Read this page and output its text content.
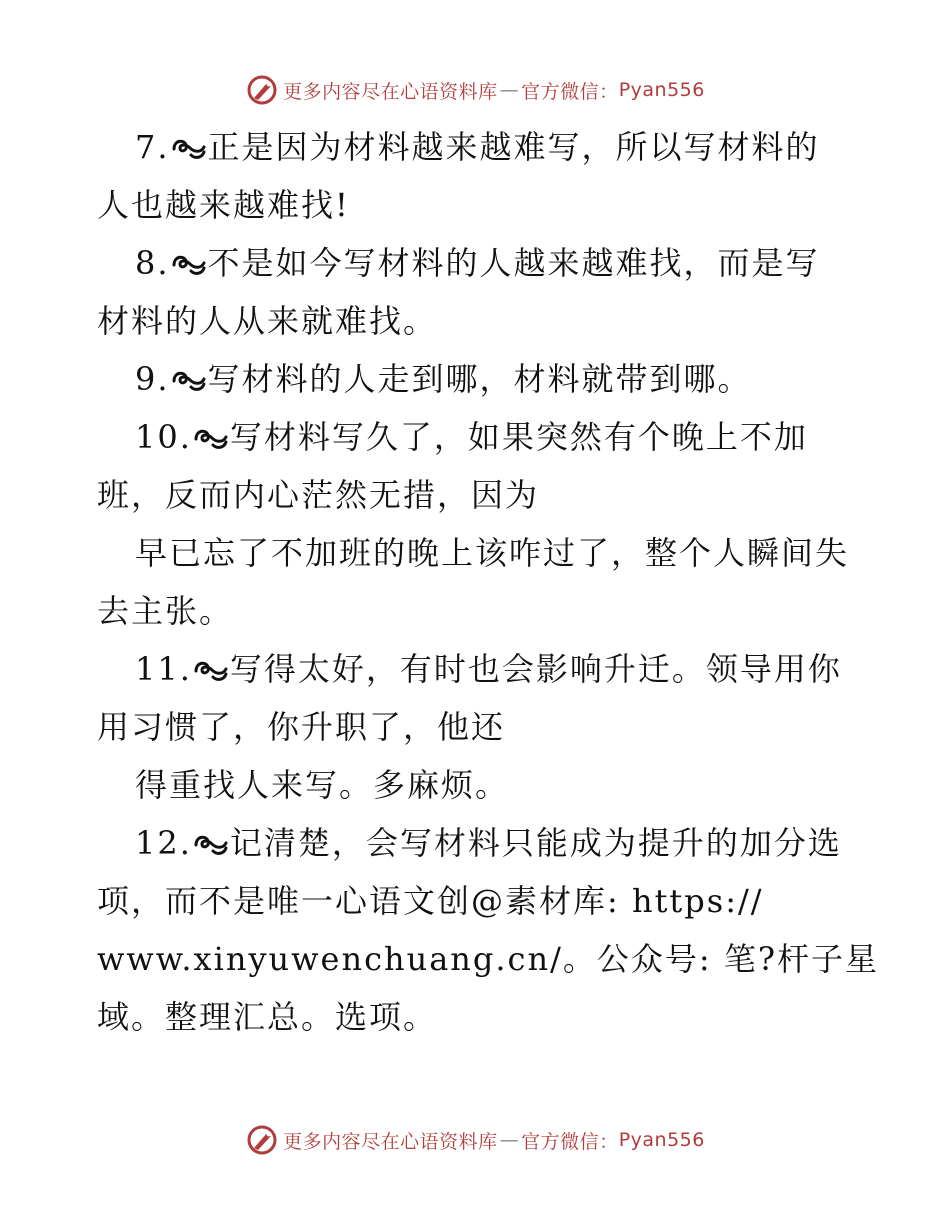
更多内容尽在心语资料库 — 官方微信： Pyan556
7. 正是因为材料越来越难写，所以写材料的
人也越来越难找!
8. 不是如今写材料的人越来越难找，而是写
材料的人从来就难找。
9. 写材料的人走到哪，材料就带到哪。
10. 写材料写久了，如果突然有个晚上不加
班，反而内心茫然无措，因为
早已忘了不加班的晚上该咋过了，整个人瞬间失
去主张。
11. 写得太好，有时也会影响升迁。领导用你
用习惯了，你升职了，他还
得重找人来写。多麻烦。
12. 记清楚，会写材料只能成为提升的加分选
项，而不是唯一心语文创@素材库: https://
www.xinyuwenchuang.cn/。公众号: 笔?杆子星
域。整理汇总。选项。
更多内容尽在心语资料库 — 官方微信： Pyan556
